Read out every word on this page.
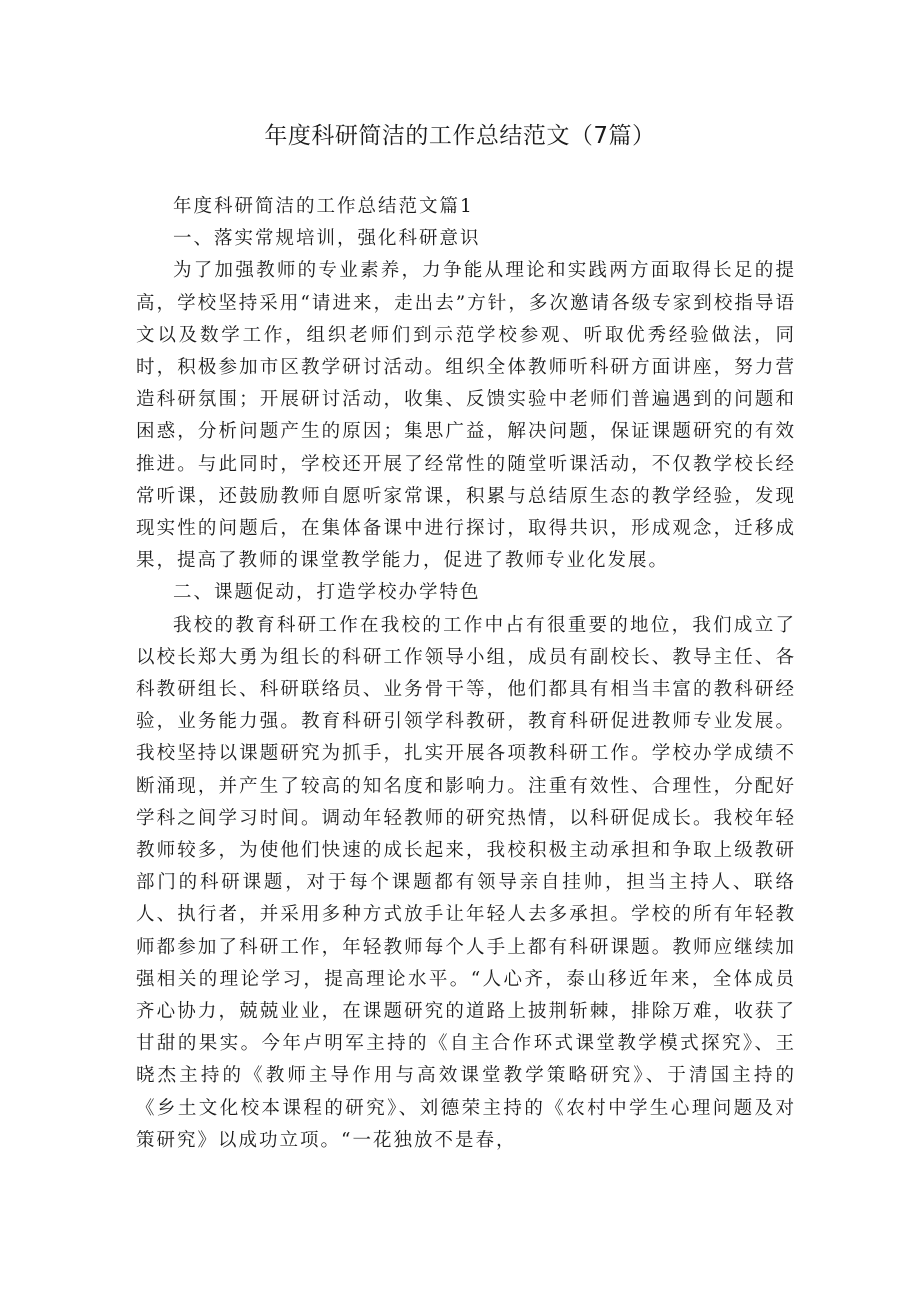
年度科研简洁的工作总结范文（7篇）

年度科研简洁的工作总结范文篇1

一、落实常规培训，强化科研意识

为了加强教师的专业素养，力争能从理论和实践两方面取得长足的提高，学校坚持采用“请进来，走出去”方针，多次邀请各级专家到校指导语文以及数学工作，组织老师们到示范学校参观、听取优秀经验做法，同时，积极参加市区教学研讨活动。组织全体教师听科研方面讲座，努力营造科研氛围；开展研讨活动，收集、反馈实验中老师们普遍遇到的问题和困惑，分析问题产生的原因；集思广益，解决问题，保证课题研究的有效推进。与此同时，学校还开展了经常性的随堂听课活动，不仅教学校长经常听课，还鼓励教师自愿听家常课，积累与总结原生态的教学经验，发现现实性的问题后，在集体备课中进行探讨，取得共识，形成观念，迁移成果，提高了教师的课堂教学能力，促进了教师专业化发展。

二、课题促动，打造学校办学特色

我校的教育科研工作在我校的工作中占有很重要的地位，我们成立了以校长郑大勇为组长的科研工作领导小组，成员有副校长、教导主任、各科教研组长、科研联络员、业务骨干等，他们都具有相当丰富的教科研经验，业务能力强。教育科研引领学科教研，教育科研促进教师专业发展。我校坚持以课题研究为抓手，扎实开展各项教科研工作。学校办学成绩不断涌现，并产生了较高的知名度和影响力。注重有效性、合理性，分配好学科之间学习时间。调动年轻教师的研究热情，以科研促成长。我校年轻教师较多，为使他们快速的成长起来，我校积极主动承担和争取上级教研部门的科研课题，对于每个课题都有领导亲自挂帅，担当主持人、联络人、执行者，并采用多种方式放手让年轻人去多承担。学校的所有年轻教师都参加了科研工作，年轻教师每个人手上都有科研课题。教师应继续加强相关的理论学习，提高理论水平。“人心齐，泰山移近年来，全体成员齐心协力，兢兢业业，在课题研究的道路上披荆斩棘，排除万难，收获了甘甜的果实。今年卢明军主持的《自主合作环式课堂教学模式探究》、王晓杰主持的《教师主导作用与高效课堂教学策略研究》、于清国主持的《乡土文化校本课程的研究》、刘德荣主持的《农村中学生心理问题及对策研究》以成功立项。“一花独放不是春，
